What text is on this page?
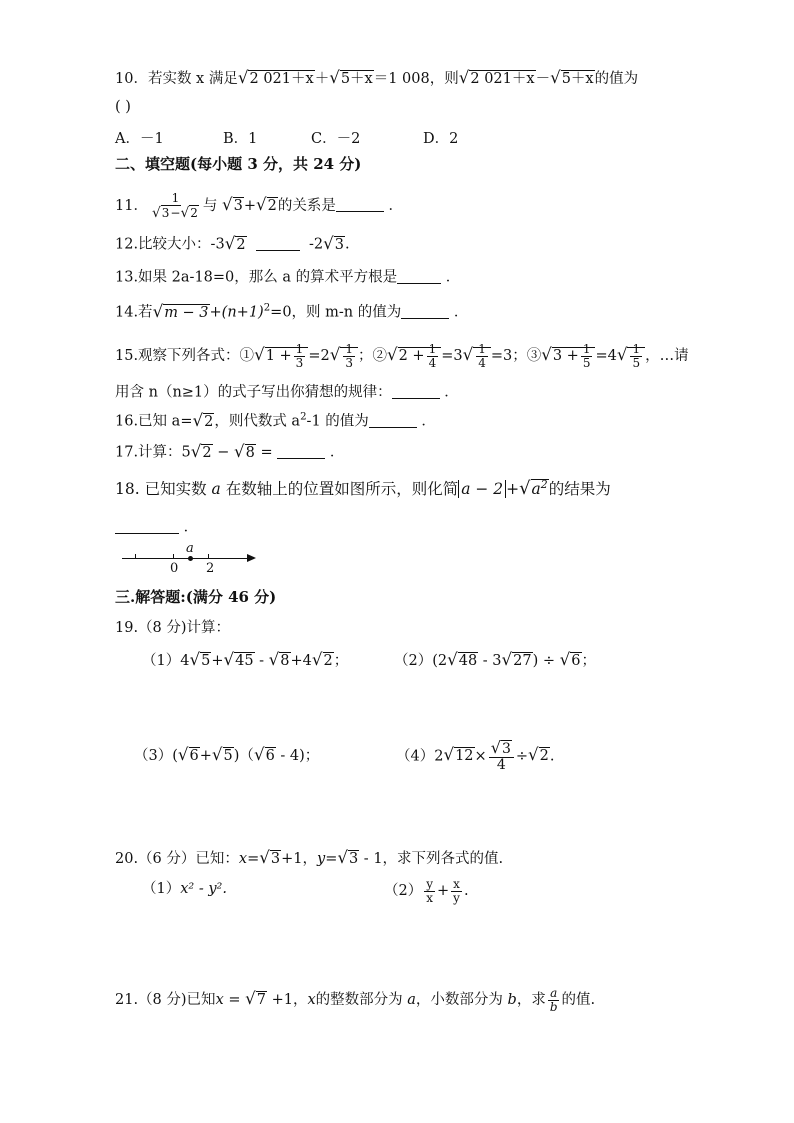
10．若实数 x 满足√2 021＋x＋√5＋x＝1 008，则√2 021＋x－√5＋x的值为
( )
A．－1	B．1	C．－2	D．2
二、填空题(每小题 3 分，共 24 分)
11． $\frac{1}{√3-√2}$ 与 √3+√2的关系是	．
12.比较大小：-3√2	-2√3.
13.如果 2a-18=0，那么 a 的算术平方根是	．
14.若$√m - 3+(n+1)^2=0$，则 m-n 的值为	．
15.观察下列各式：①√1 + $\frac{1}{3} =2√ \frac{1}{3}$ ；②√2 + $\frac{1}{4} =3√ \frac{1}{4} =3$；③√3 + $\frac{1}{5} =4√ \frac{1}{5}$ ，…请
用含 n（n≥1）的式子写出你猜想的规律：	．
16.已知 a=√2，则代数式 $a^2-1$ 的值为	．
17.计算：5√2 − √8 =	．
18. 已知实数 a 在数轴上的位置如图所示，则化简 $a - 2 +√a^2$的结果为
．
a
0 2
三.解答题:(满分 46 分)
19.（8 分)计算：
（1）4√5+√45 - √8+4√2；	（2）(2√48 - 3√27) ÷ √6；
（3）(√6+√5)（√6 - 4)；	$(4)2√12\times \frac{√3}{4} \div√2$.
20.（6 分）已知：x=√3+1，y=√3 - 1，求下列各式的值.
（1）x² - y².	$(2) \frac{y}{x} + \frac{x}{y}$ .
21.（8 分)已知x = √7 +1，x的整数部分为 a，小数部分为 b，求 $\frac{a}{b}$ 的值.
